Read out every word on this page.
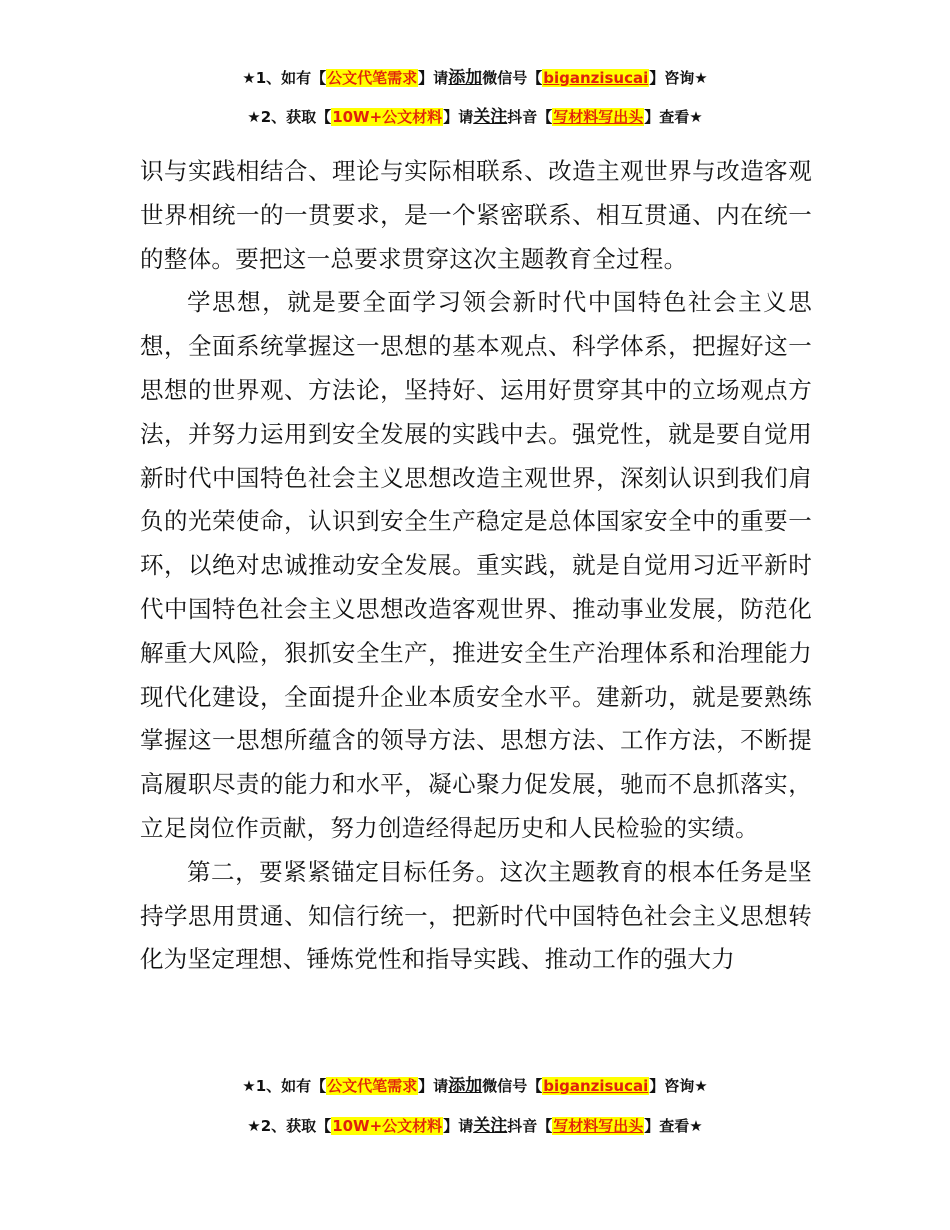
★1、如有【公文代笔需求】请添加微信号【biganzisucai】咨询★
★2、获取【10W+公文材料】请关注抖音【写材料写出头】查看★

识与实践相结合、理论与实际相联系、改造主观世界与改造客观世界相统一的一贯要求，是一个紧密联系、相互贯通、内在统一的整体。要把这一总要求贯穿这次主题教育全过程。

学思想，就是要全面学习领会新时代中国特色社会主义思想，全面系统掌握这一思想的基本观点、科学体系，把握好这一思想的世界观、方法论，坚持好、运用好贯穿其中的立场观点方法，并努力运用到安全发展的实践中去。强党性，就是要自觉用新时代中国特色社会主义思想改造主观世界，深刻认识到我们肩负的光荣使命，认识到安全生产稳定是总体国家安全中的重要一环，以绝对忠诚推动安全发展。重实践，就是自觉用习近平新时代中国特色社会主义思想改造客观世界、推动事业发展，防范化解重大风险，狠抓安全生产，推进安全生产治理体系和治理能力现代化建设，全面提升企业本质安全水平。建新功，就是要熟练掌握这一思想所蕴含的领导方法、思想方法、工作方法，不断提高履职尽责的能力和水平，凝心聚力促发展，驰而不息抓落实，立足岗位作贡献，努力创造经得起历史和人民检验的实绩。

第二，要紧紧锚定目标任务。这次主题教育的根本任务是坚持学思用贯通、知信行统一，把新时代中国特色社会主义思想转化为坚定理想、锤炼党性和指导实践、推动工作的强大力

★1、如有【公文代笔需求】请添加微信号【biganzisucai】咨询★
★2、获取【10W+公文材料】请关注抖音【写材料写出头】查看★
